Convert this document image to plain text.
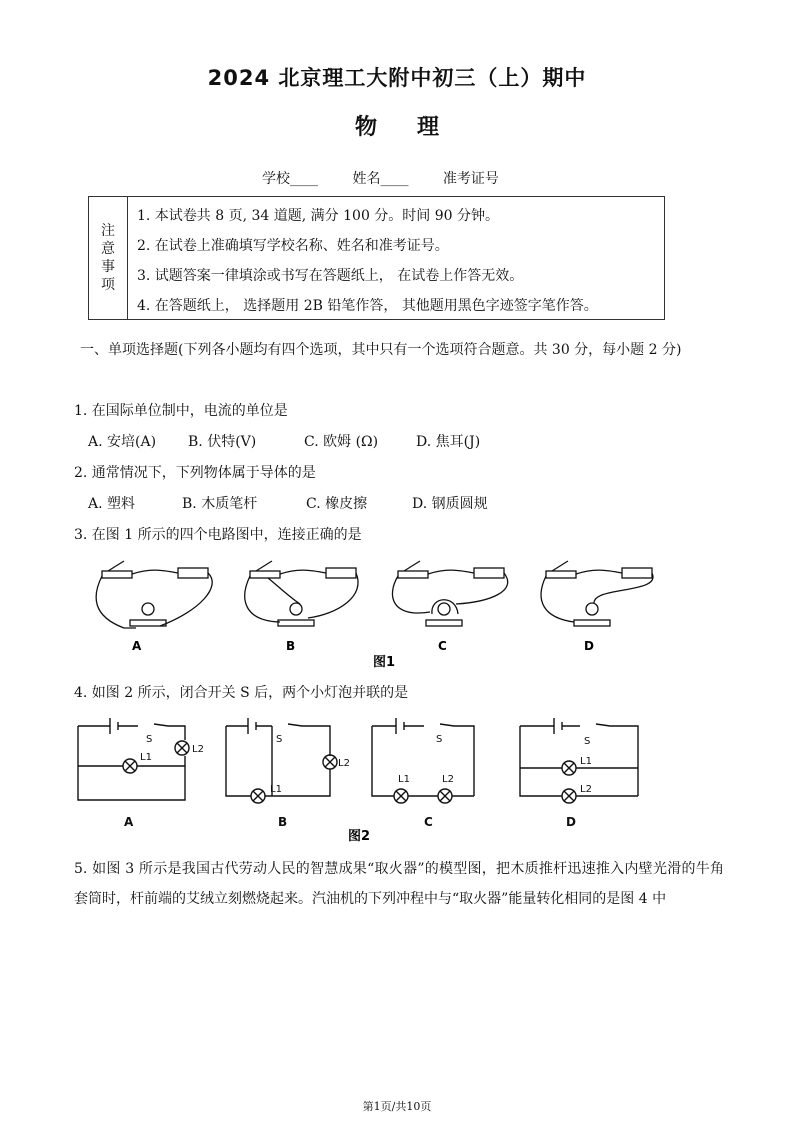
2024 北京理工大附中初三（上）期中
物 理
学校____ 姓名____ 准考证号
注
意
事
项
1. 本试卷共 8 页, 34 道题, 满分 100 分。时间 90 分钟。
2. 在试卷上准确填写学校名称、姓名和准考证号。
3. 试题答案一律填涂或书写在答题纸上， 在试卷上作答无效。
4. 在答题纸上， 选择题用 2B 铅笔作答， 其他题用黑色字迹签字笔作答。
一、单项选择题(下列各小题均有四个选项，其中只有一个选项符合题意。共 30 分，每小题 2 分)
1. 在国际单位制中，电流的单位是
A. 安培(A) B. 伏特(V)	C. 欧姆 (Ω)	D. 焦耳(J)
2. 通常情况下，下列物体属于导体的是
A. 塑料	B. 木质笔杆	C. 橡皮擦	D. 钢质圆规
3. 在图 1 所示的四个电路图中，连接正确的是
A	B	C	D
图1
4. 如图 2 所示，闭合开关 S 后，两个小灯泡并联的是
S
L2
L1
S
L2
L1
S
L1	L2
S
L1
L2
A	B	C	D
图2
5. 如图 3 所示是我国古代劳动人民的智慧成果“取火器”的模型图，把木质推杆迅速推入内壁光滑的牛角套筒时，杆前端的艾绒立刻燃烧起来。汽油机的下列冲程中与“取火器”能量转化相同的是图 4 中
第1页/共10页
